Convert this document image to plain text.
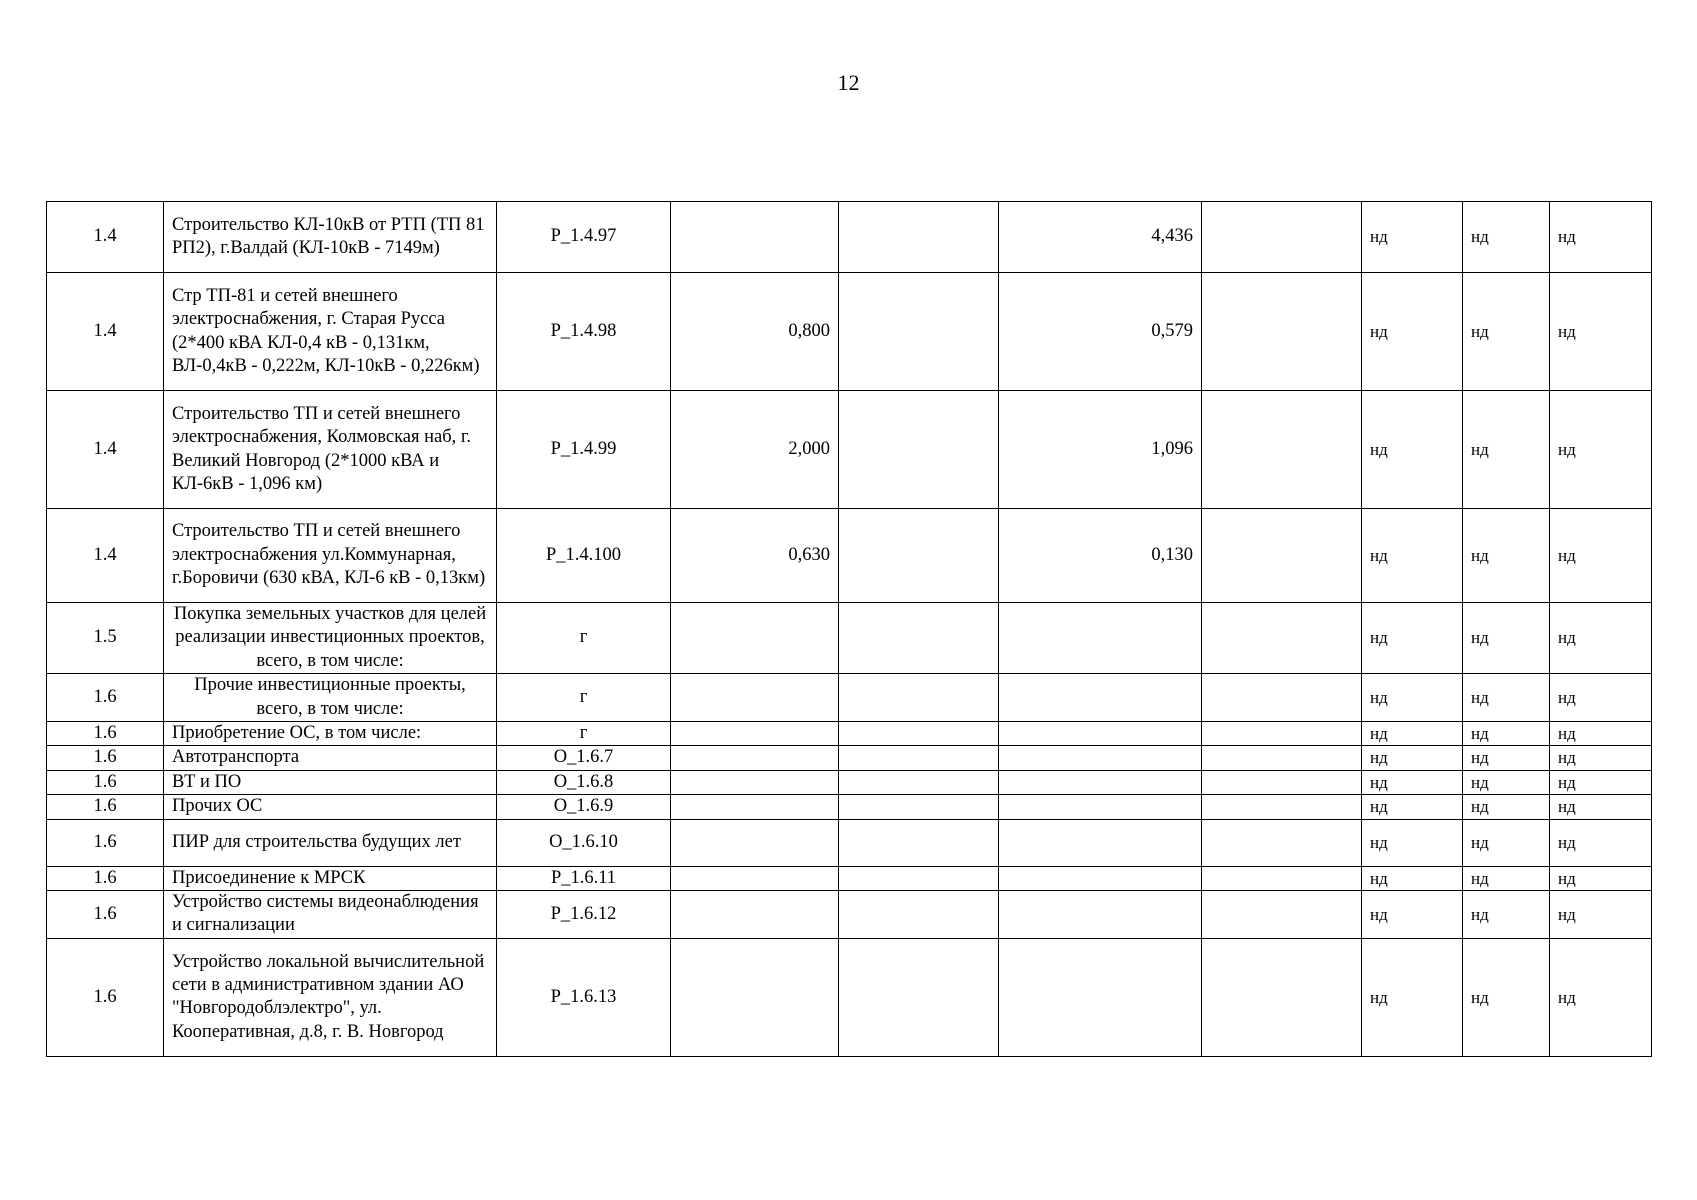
12
1.4	Строительство КЛ-10кВ от РТП (ТП 81 РП2), г.Валдай (КЛ-10кВ - 7149м)	Р_1.4.97			4,436		нд	нд	нд
1.4	Стр ТП-81 и сетей внешнего электроснабжения, г. Старая Русса (2*400 кВА КЛ-0,4 кВ - 0,131км, ВЛ-0,4кВ - 0,222м, КЛ-10кВ - 0,226км)	Р_1.4.98	0,800		0,579		нд	нд	нд
1.4	Строительство ТП и сетей внешнего электроснабжения, Колмовская наб, г. Великий Новгород (2*1000 кВА и КЛ-6кВ - 1,096 км)	Р_1.4.99	2,000		1,096		нд	нд	нд
1.4	Строительство ТП и сетей внешнего электроснабжения ул.Коммунарная, г.Боровичи (630 кВА, КЛ-6 кВ - 0,13км)	Р_1.4.100	0,630		0,130		нд	нд	нд
1.5	Покупка земельных участков для целей реализации инвестиционных проектов, всего, в том числе:	г					нд	нд	нд
1.6	Прочие инвестиционные проекты, всего, в том числе:	г					нд	нд	нд
1.6	Приобретение ОС, в том числе:	г					нд	нд	нд
1.6	Автотранспорта	О_1.6.7					нд	нд	нд
1.6	ВТ и ПО	О_1.6.8					нд	нд	нд
1.6	Прочих ОС	О_1.6.9					нд	нд	нд
1.6	ПИР для строительства будущих лет	О_1.6.10					нд	нд	нд
1.6	Присоединение к МРСК	Р_1.6.11					нд	нд	нд
1.6	Устройство системы видеонаблюдения и сигнализации	Р_1.6.12					нд	нд	нд
1.6	Устройство локальной вычислительной сети в административном здании АО "Новгородоблэлектро", ул. Кооперативная, д.8, г. В. Новгород	Р_1.6.13					нд	нд	нд
